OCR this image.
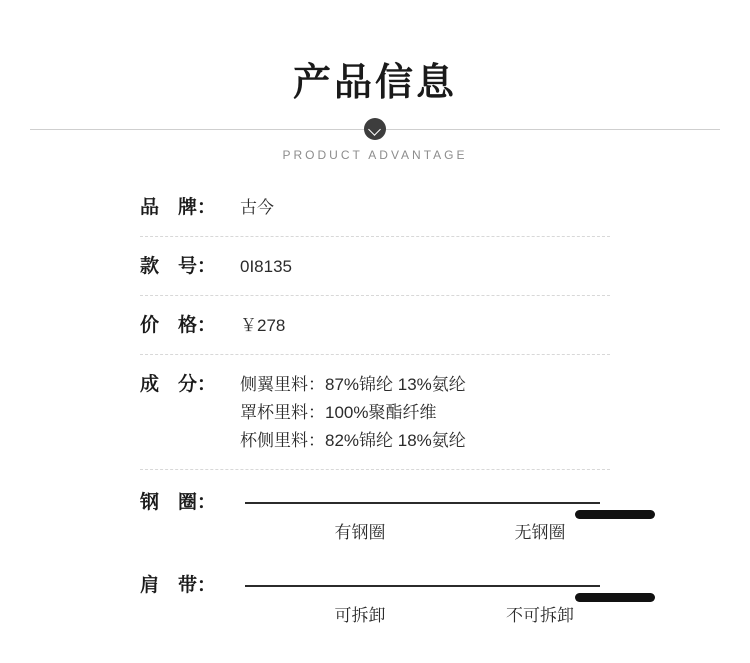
产品信息
PRODUCT ADVANTAGE
品　牌：	古今
款　号：	0I8135
价　格：	￥278
成　分：	侧翼里料：87%锦纶 13%氨纶
罩杯里料：100%聚酯纤维
杯侧里料：82%锦纶 18%氨纶
钢　圈：
有钢圈	无钢圈
肩　带：
可拆卸	不可拆卸
